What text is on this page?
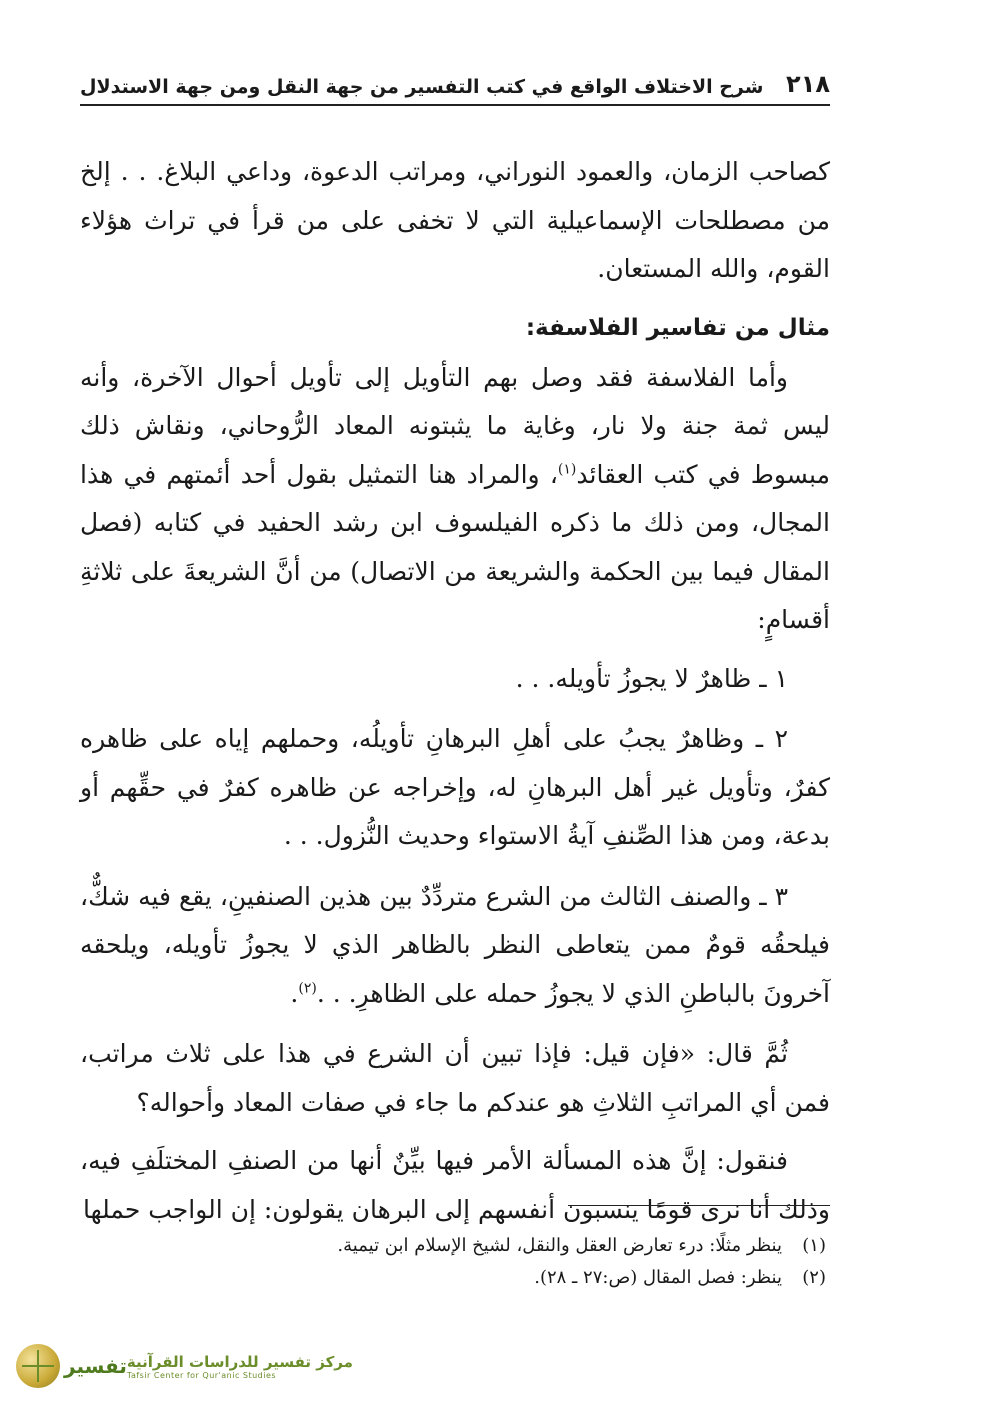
٢١٨
شرح الاختلاف الواقع في كتب التفسير من جهة النقل ومن جهة الاستدلال

كصاحب الزمان، والعمود النوراني، ومراتب الدعوة، وداعي البلاغ. . . إلخ من مصطلحات الإسماعيلية التي لا تخفى على من قرأ في تراث هؤلاء القوم، والله المستعان.

مثال من تفاسير الفلاسفة:

وأما الفلاسفة فقد وصل بهم التأويل إلى تأويل أحوال الآخرة، وأنه ليس ثمة جنة ولا نار، وغاية ما يثبتونه المعاد الرُّوحاني، ونقاش ذلك مبسوط في كتب العقائد$^{(١)}$، والمراد هنا التمثيل بقول أحد أئمتهم في هذا المجال، ومن ذلك ما ذكره الفيلسوف ابن رشد الحفيد في كتابه (فصل المقال فيما بين الحكمة والشريعة من الاتصال) من أنَّ الشريعةَ على ثلاثةِ أقسامٍ:

١ ـ ظاهرٌ لا يجوزُ تأويله. . .

٢ ـ وظاهرٌ يجبُ على أهلِ البرهانِ تأويلُه، وحملهم إياه على ظاهره كفرٌ، وتأويل غير أهل البرهانِ له، وإخراجه عن ظاهره كفرٌ في حقِّهم أو بدعة، ومن هذا الصِّنفِ آيةُ الاستواء وحديث النُّزول. . .

٣ ـ والصنف الثالث من الشرع متردِّدٌ بين هذين الصنفينِ، يقع فيه شكٌّ، فيلحقُه قومٌ ممن يتعاطى النظر بالظاهر الذي لا يجوزُ تأويله، ويلحقه آخرونَ بالباطنِ الذي لا يجوزُ حمله على الظاهرِ. . .$^{(٢)}$.

ثُمَّ قال: «فإن قيل: فإذا تبين أن الشرع في هذا على ثلاث مراتب، فمن أي المراتبِ الثلاثِ هو عندكم ما جاء في صفات المعاد وأحواله؟

فنقول: إنَّ هذه المسألة الأمر فيها بيِّنٌ أنها من الصنفِ المختلَفِ فيه، وذلك أنا نرى قومًا ينسبون أنفسهم إلى البرهان يقولون: إن الواجب حملها

(١)
ينظر مثلًا: درء تعارض العقل والنقل، لشيخ الإسلام ابن تيمية.
(٢)
ينظر: فصل المقال (ص:٢٧ ـ ٢٨).
تفسير مركز تفسير للدراسات القرآنية
Tafsir Center for Qur'anic Studies
